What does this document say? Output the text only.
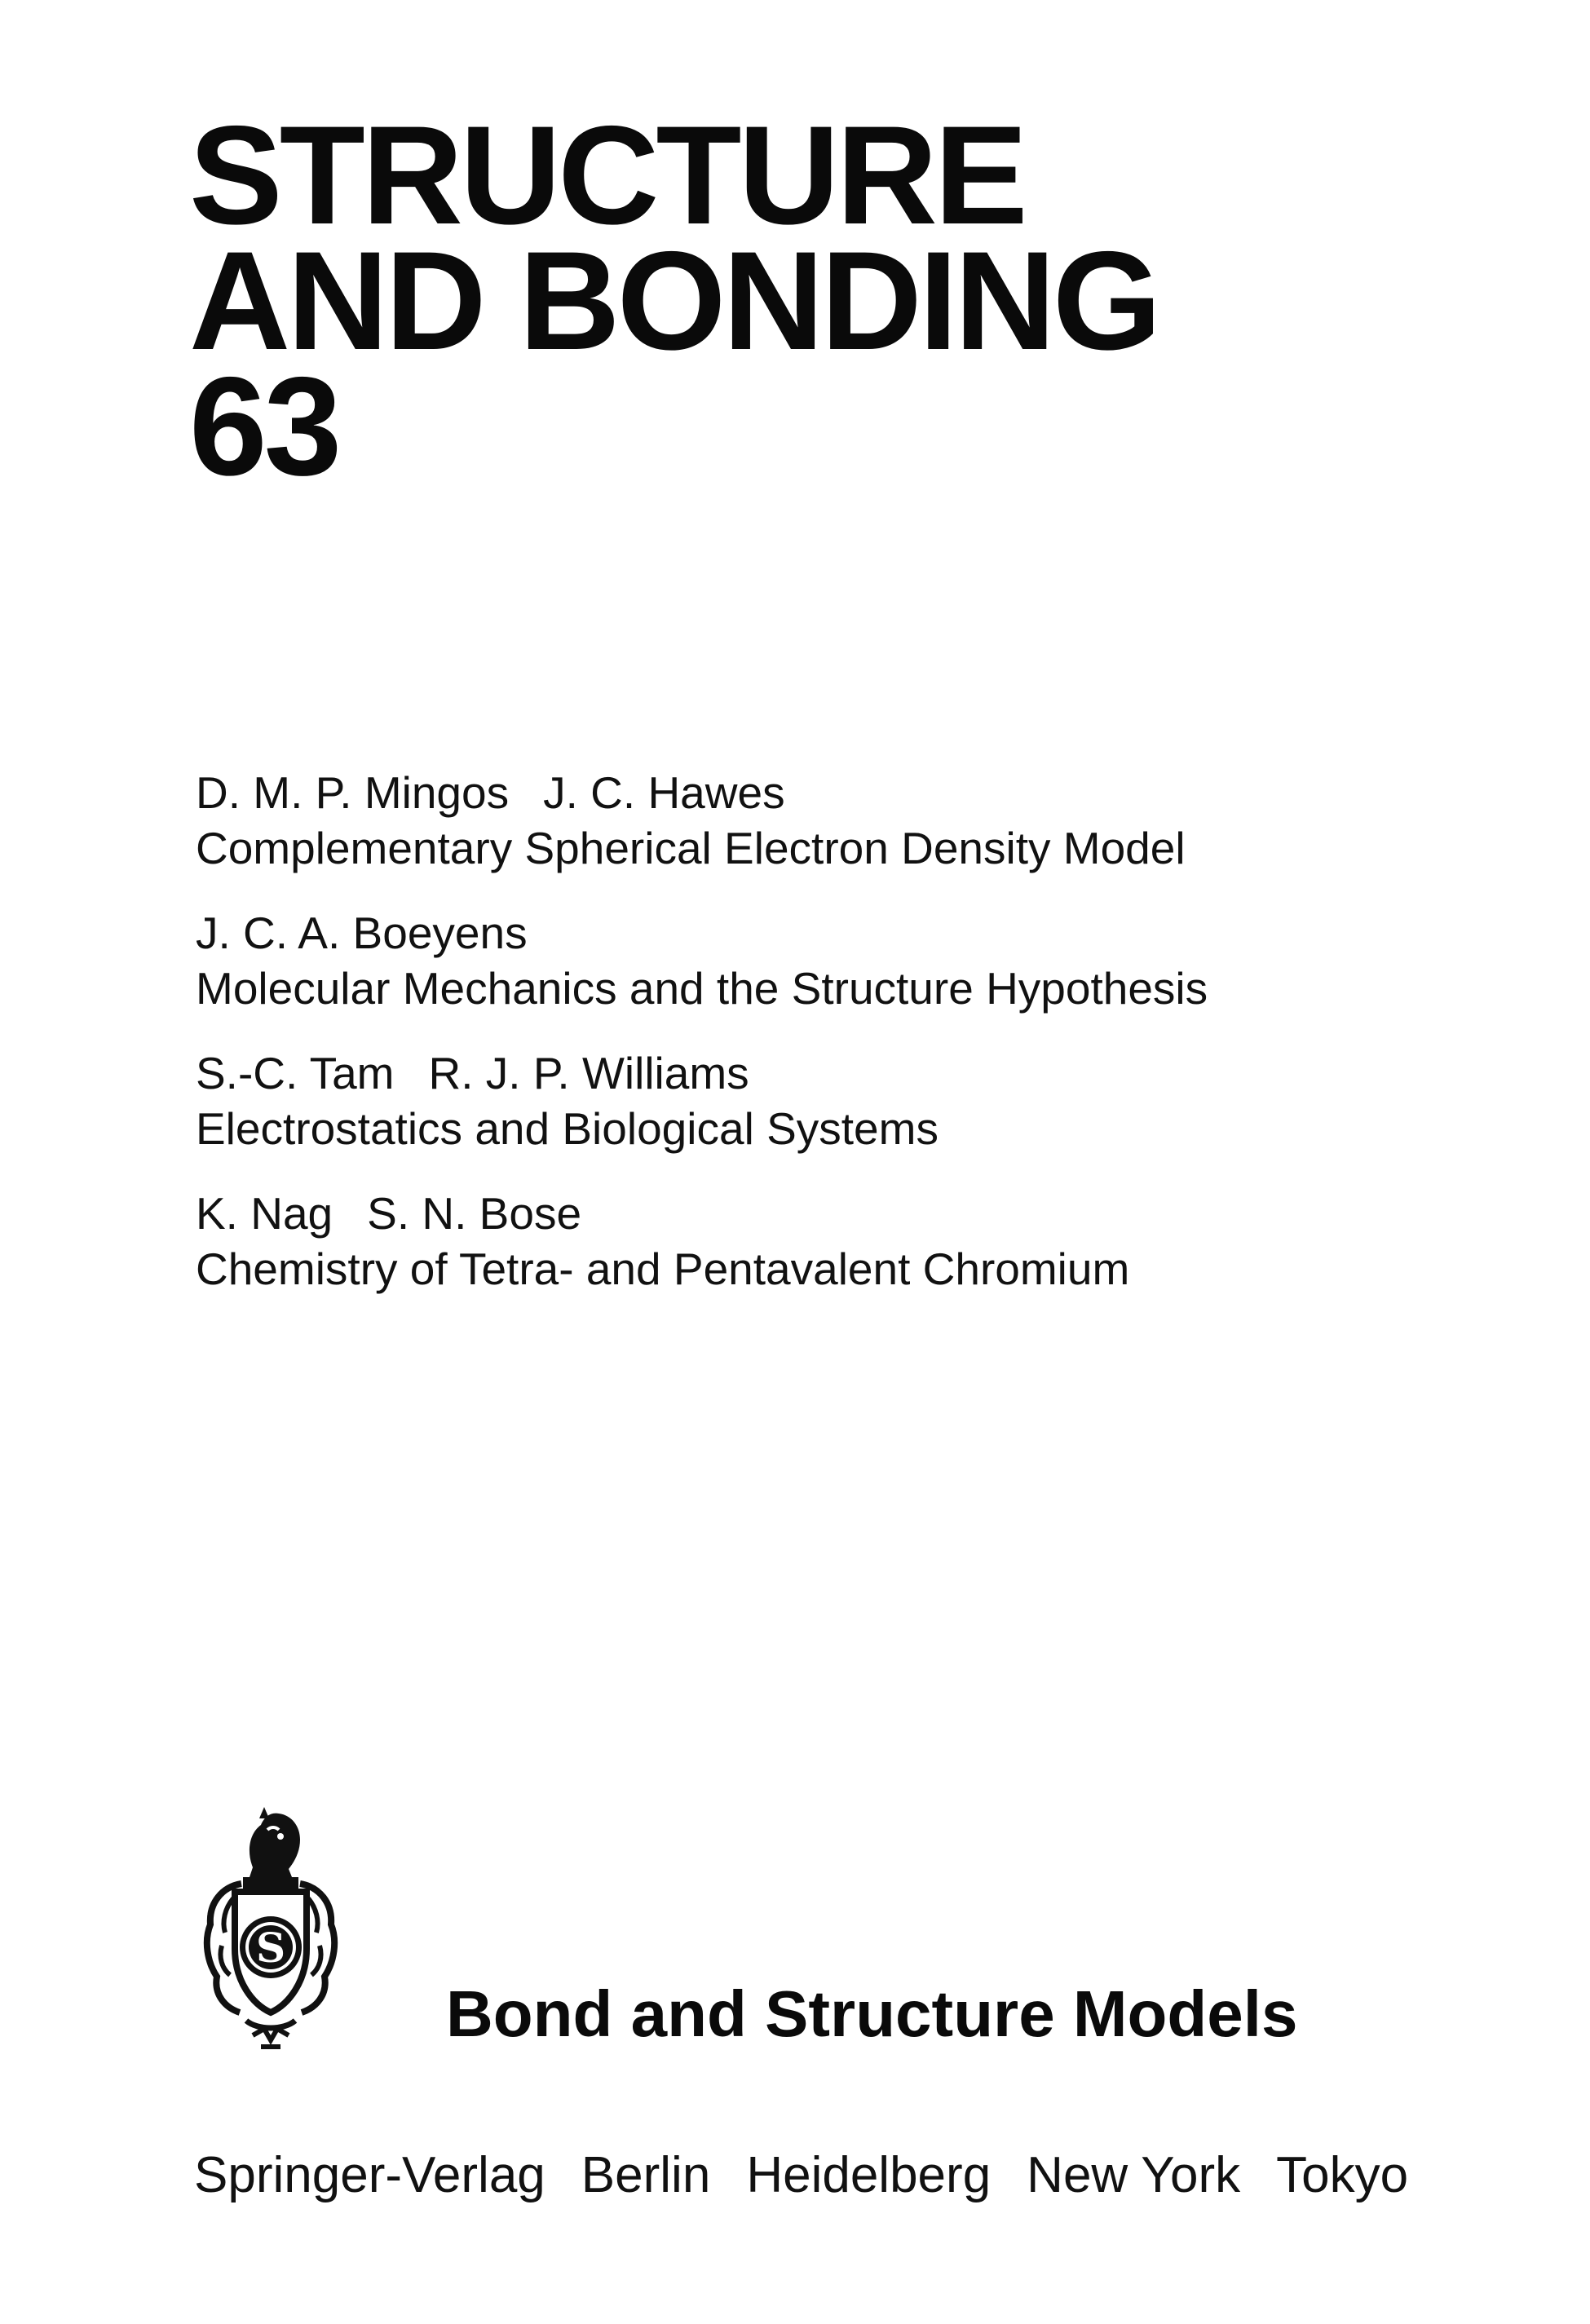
STRUCTURE
AND BONDING
63
D. M. P. Mingos J. C. Hawes
Complementary Spherical Electron Density Model
J. C. A. Boeyens
Molecular Mechanics and the Structure Hypothesis
S.-C. Tam R. J. P. Williams
Electrostatics and Biological Systems
K. Nag S. N. Bose
Chemistry of Tetra- and Pentavalent Chromium
S
Bond and Structure Models
Springer-Verlag Berlin Heidelberg New York Tokyo
